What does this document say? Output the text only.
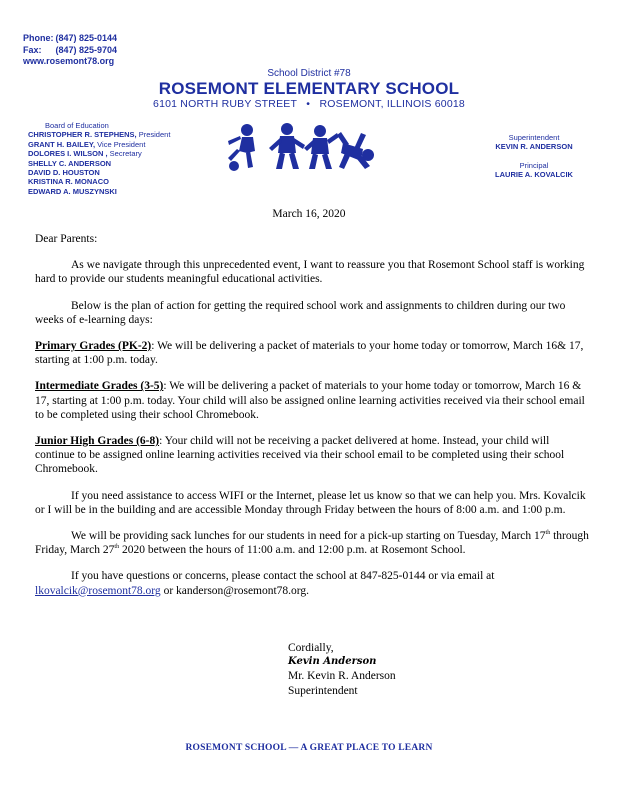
Phone: (847) 825-0144
Fax: (847) 825-9704
www.rosemont78.org
School District #78
ROSEMONT ELEMENTARY SCHOOL
6101 NORTH RUBY STREET • ROSEMONT, ILLINOIS 60018
Board of Education
CHRISTOPHER R. STEPHENS, President
GRANT H. BAILEY, Vice President
DOLORES I. WILSON , Secretary
SHELLY C. ANDERSON
DAVID D. HOUSTON
KRISTINA R. MONACO
EDWARD A. MUSZYNSKI
Superintendent
KEVIN R. ANDERSON
Principal
LAURIE A. KOVALCIK
March 16, 2020

Dear Parents:

As we navigate through this unprecedented event, I want to reassure you that Rosemont School staff is working hard to provide our students meaningful educational activities.

Below is the plan of action for getting the required school work and assignments to children during our two weeks of e-learning days:

Primary Grades (PK-2): We will be delivering a packet of materials to your home today or tomorrow, March 16& 17, starting at 1:00 p.m. today.

Intermediate Grades (3-5): We will be delivering a packet of materials to your home today or tomorrow, March 16 & 17, starting at 1:00 p.m. today. Your child will also be assigned online learning activities received via their school email to be completed using their school Chromebook.

Junior High Grades (6-8): Your child will not be receiving a packet delivered at home. Instead, your child will continue to be assigned online learning activities received via their school email to be completed using their school Chromebook.

If you need assistance to access WIFI or the Internet, please let us know so that we can help you. Mrs. Kovalcik or I will be in the building and are accessible Monday through Friday between the hours of 8:00 a.m. and 1:00 p.m.

We will be providing sack lunches for our students in need for a pick-up starting on Tuesday, March 17th through Friday, March 27th 2020 between the hours of 11:00 a.m. and 12:00 p.m. at Rosemont School.

If you have questions or concerns, please contact the school at 847-825-0144 or via email at lkovalcik@rosemont78.org or kanderson@rosemont78.org.

Cordially,
Kevin Anderson
Mr. Kevin R. Anderson
Superintendent
ROSEMONT SCHOOL — A GREAT PLACE TO LEARN
